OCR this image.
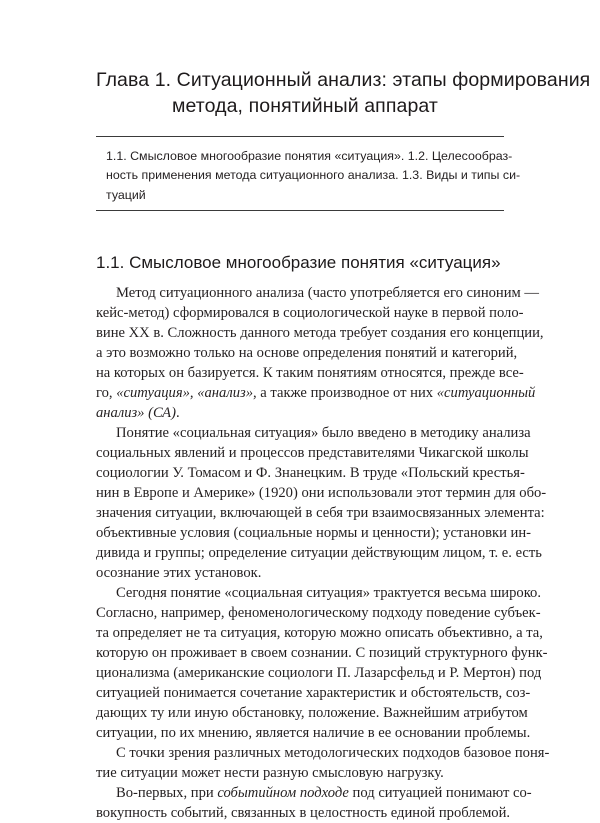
Глава 1. Ситуационный анализ: этапы формирования
метода, понятийный аппарат
1.1. Смысловое многообразие понятия «ситуация». 1.2. Целесообраз-
ность применения метода ситуационного анализа. 1.3. Виды и типы си-
туаций
1.1. Смысловое многообразие понятия «ситуация»
Метод ситуационного анализа (часто употребляется его синоним —
кейс-метод) сформировался в социологической науке в первой поло-
вине XX в. Сложность данного метода требует создания его концепции,
а это возможно только на основе определения понятий и категорий,
на которых он базируется. К таким понятиям относятся, прежде все-
го, «ситуация», «анализ», а также производное от них «ситуационный
анализ» (СА).
Понятие «социальная ситуация» было введено в методику анализа
социальных явлений и процессов представителями Чикагской школы
социологии У. Томасом и Ф. Знанецким. В труде «Польский крестья-
нин в Европе и Америке» (1920) они использовали этот термин для обо-
значения ситуации, включающей в себя три взаимосвязанных элемента:
объективные условия (социальные нормы и ценности); установки ин-
дивида и группы; определение ситуации действующим лицом, т. е. есть
осознание этих установок.
Сегодня понятие «социальная ситуация» трактуется весьма широко.
Согласно, например, феноменологическому подходу поведение субъек-
та определяет не та ситуация, которую можно описать объективно, а та,
которую он проживает в своем сознании. С позиций структурного функ-
ционализма (американские социологи П. Лазарсфельд и Р. Мертон) под
ситуацией понимается сочетание характеристик и обстоятельств, соз-
дающих ту или иную обстановку, положение. Важнейшим атрибутом
ситуации, по их мнению, является наличие в ее основании проблемы.
С точки зрения различных методологических подходов базовое поня-
тие ситуации может нести разную смысловую нагрузку.
Во-первых, при событийном подходе под ситуацией понимают со-
вокупность событий, связанных в целостность единой проблемой.
